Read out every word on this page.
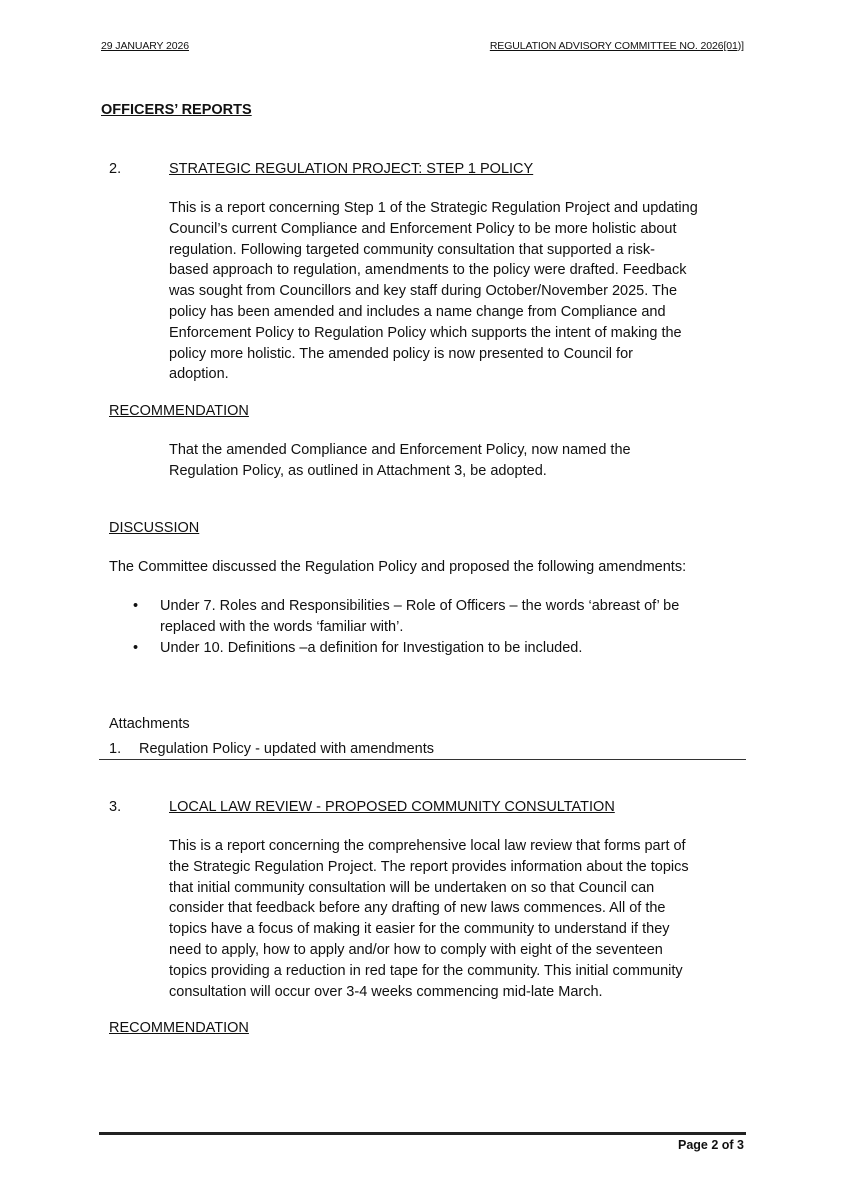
29 JANUARY 2026	REGULATION ADVISORY COMMITTEE NO. 2026[01)]
OFFICERS’ REPORTS
2.	STRATEGIC REGULATION PROJECT: STEP 1 POLICY
This is a report concerning Step 1 of the Strategic Regulation Project and updating
Council’s current Compliance and Enforcement Policy to be more holistic about
regulation. Following targeted community consultation that supported a risk-
based approach to regulation, amendments to the policy were drafted. Feedback
was sought from Councillors and key staff during October/November 2025. The
policy has been amended and includes a name change from Compliance and
Enforcement Policy to Regulation Policy which supports the intent of making the
policy more holistic. The amended policy is now presented to Council for
adoption.
RECOMMENDATION
That the amended Compliance and Enforcement Policy, now named the
Regulation Policy, as outlined in Attachment 3, be adopted.
DISCUSSION
The Committee discussed the Regulation Policy and proposed the following amendments:
• Under 7. Roles and Responsibilities – Role of Officers – the words ‘abreast of’ be
replaced with the words ‘familiar with’.
• Under 10. Definitions –a definition for Investigation to be included.
Attachments
1. Regulation Policy - updated with amendments
3.	LOCAL LAW REVIEW - PROPOSED COMMUNITY CONSULTATION
This is a report concerning the comprehensive local law review that forms part of
the Strategic Regulation Project. The report provides information about the topics
that initial community consultation will be undertaken on so that Council can
consider that feedback before any drafting of new laws commences. All of the
topics have a focus of making it easier for the community to understand if they
need to apply, how to apply and/or how to comply with eight of the seventeen
topics providing a reduction in red tape for the community. This initial community
consultation will occur over 3-4 weeks commencing mid-late March.
RECOMMENDATION
Page 2 of 3
